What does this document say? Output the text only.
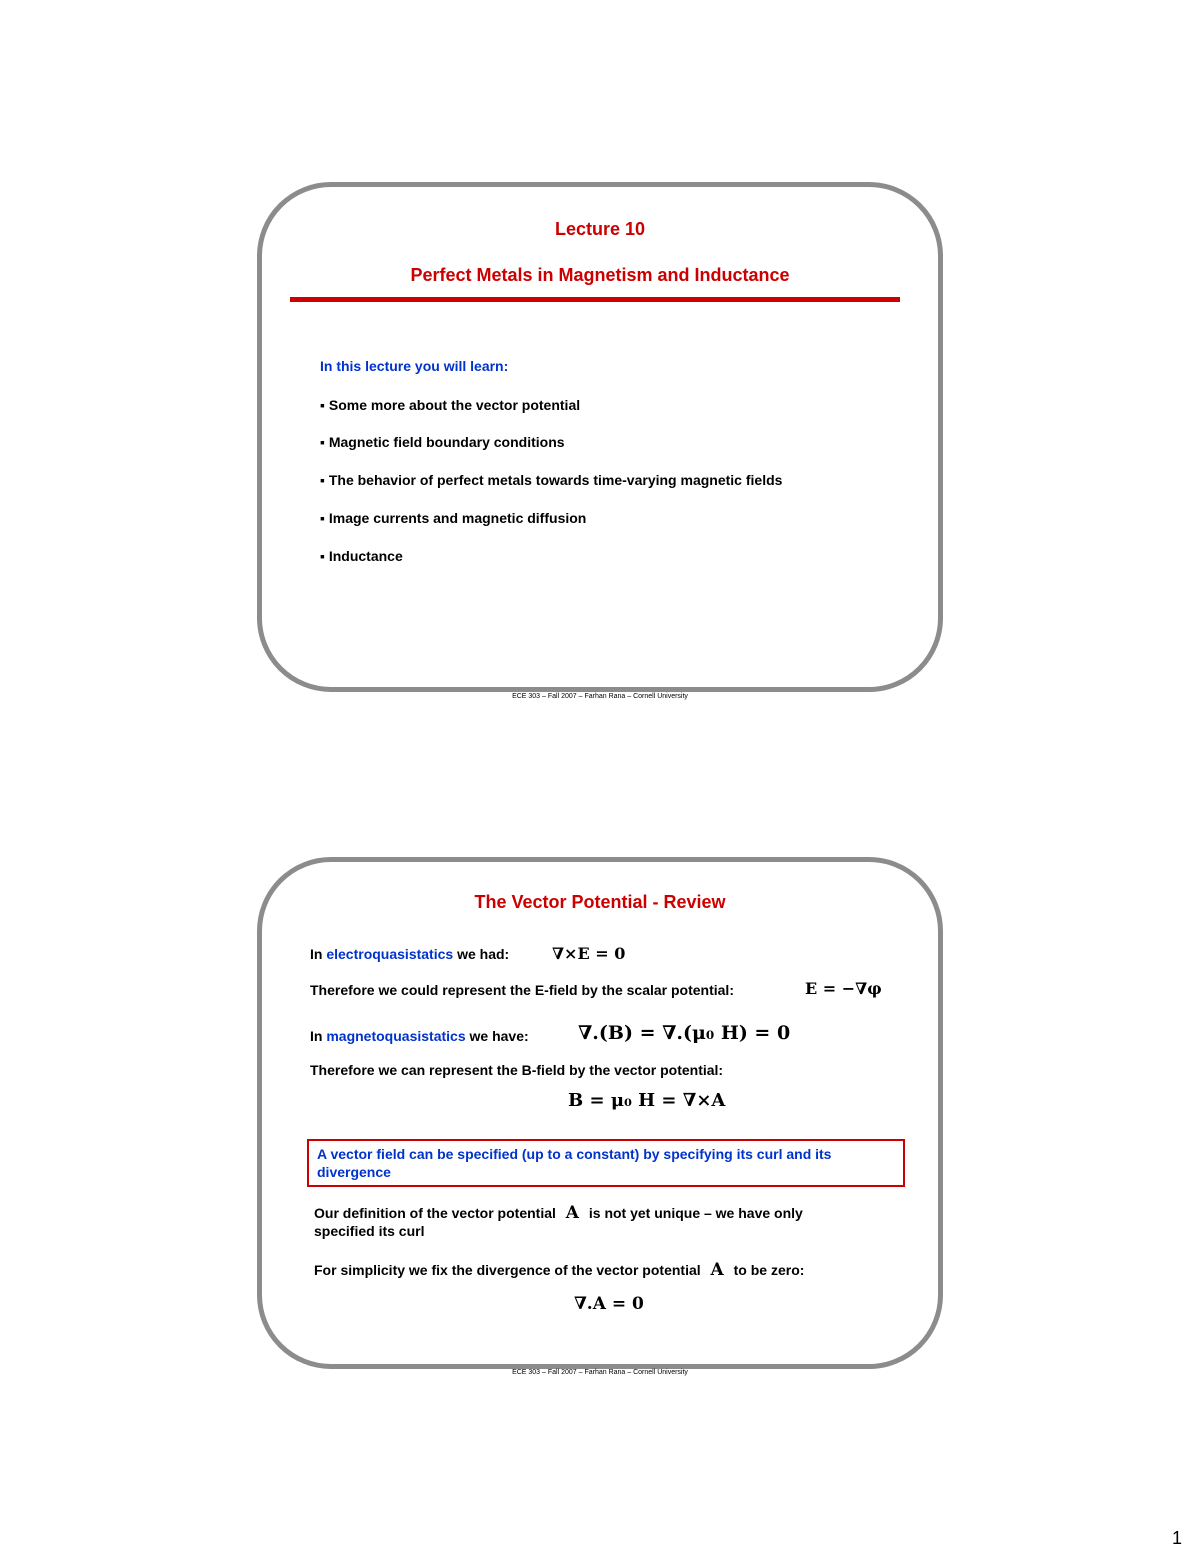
Lecture 10
Perfect Metals in Magnetism and Inductance
In this lecture you will learn:
▪ Some more about the vector potential
▪ Magnetic field boundary conditions
▪ The behavior of perfect metals towards time-varying magnetic fields
▪ Image currents and magnetic diffusion
▪ Inductance
ECE 303 – Fall 2007 – Farhan Rana – Cornell University
The Vector Potential - Review
In electroquasistatics we had:	∇×E = 0
Therefore we could represent the E-field by the scalar potential:	E = −∇φ
In magnetoquasistatics we have:	∇.(B) = ∇.(μ₀ H) = 0
Therefore we can represent the B-field by the vector potential:
B = μ₀ H = ∇×A
A vector field can be specified (up to a constant) by specifying its curl and its divergence
Our definition of the vector potential A is not yet unique – we have only
specified its curl
For simplicity we fix the divergence of the vector potential A to be zero:
∇.A = 0
ECE 303 – Fall 2007 – Farhan Rana – Cornell University
1
